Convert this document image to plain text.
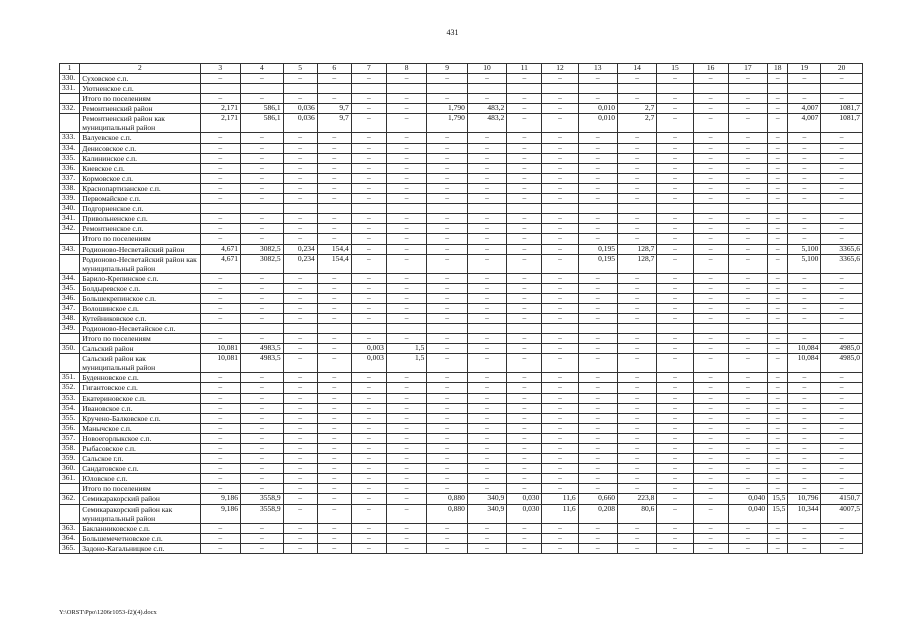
431
1	2	3	4	5	6	7	8	9	10	11	12	13	14	15	16	17	18	19	20
330.	Суховское с.п.	–	–	–	–	–	–	–	–	–	–	–	–	–	–	–	–	–	–
331.	Уютненское с.п.																		
	Итого по поселениям	–	–	–	–	–	–	–	–	–	–	–	–	–	–	–	–	–	–
332.	Ремонтненский район	2,171	586,1	0,036	9,7	–	–	1,790	483,2	–	–	0,010	2,7	–	–	–	–	4,007	1081,7
	Ремонтненский район как муниципальный район	2,171	586,1	0,036	9,7	–	–	1,790	483,2	–	–	0,010	2,7	–	–	–	–	4,007	1081,7
333.	Валуевское с.п.	–	–	–	–	–	–	–	–	–	–	–	–	–	–	–	–	–	–
334.	Денисовское с.п.	–	–	–	–	–	–	–	–	–	–	–	–	–	–	–	–	–	–
335.	Калининское с.п.	–	–	–	–	–	–	–	–	–	–	–	–	–	–	–	–	–	–
336.	Киевское с.п.	–	–	–	–	–	–	–	–	–	–	–	–	–	–	–	–	–	–
337.	Кормовское с.п.	–	–	–	–	–	–	–	–	–	–	–	–	–	–	–	–	–	–
338.	Краснопартизанское с.п.	–	–	–	–	–	–	–	–	–	–	–	–	–	–	–	–	–	–
339.	Первомайское с.п.	–	–	–	–	–	–	–	–	–	–	–	–	–	–	–	–	–	–
340.	Подгорненское с.п.																		
341.	Привольненское с.п.	–	–	–	–	–	–	–	–	–	–	–	–	–	–	–	–	–	–
342.	Ремонтненское с.п.	–	–	–	–	–	–	–	–	–	–	–	–	–	–	–	–	–	–
	Итого по поселениям	–	–	–	–	–	–	–	–	–	–	–	–	–	–	–	–	–	–
343.	Родионово-Несветайский район	4,671	3082,5	0,234	154,4	–	–	–	–	–	–	0,195	128,7	–	–	–	–	5,100	3365,6
	Родионово-Несветайский район как муниципальный район	4,671	3082,5	0,234	154,4	–	–	–	–	–	–	0,195	128,7	–	–	–	–	5,100	3365,6
344.	Барило-Крепинское с.п.	–	–	–	–	–	–	–	–	–	–	–	–	–	–	–	–	–	–
345.	Болдыревское с.п.	–	–	–	–	–	–	–	–	–	–	–	–	–	–	–	–	–	–
346.	Большекрепинское с.п.	–	–	–	–	–	–	–	–	–	–	–	–	–	–	–	–	–	–
347.	Волошинское с.п.	–	–	–	–	–	–	–	–	–	–	–	–	–	–	–	–	–	–
348.	Кутейниковское с.п.	–	–	–	–	–	–	–	–	–	–	–	–	–	–	–	–	–	–
349.	Родионово-Несветайское с.п.																		
	Итого по поселениям	–	–	–	–	–	–	–	–	–	–	–	–	–	–	–	–	–	–
350.	Сальский район	10,081	4983,5	–	–	0,003	1,5	–	–	–	–	–	–	–	–	–	–	10,084	4985,0
	Сальский район как муниципальный район	10,081	4983,5	–	–	0,003	1,5	–	–	–	–	–	–	–	–	–	–	10,084	4985,0
351.	Буденновское с.п.	–	–	–	–	–	–	–	–	–	–	–	–	–	–	–	–	–	–
352.	Гигантовское с.п.	–	–	–	–	–	–	–	–	–	–	–	–	–	–	–	–	–	–
353.	Екатериновское с.п.	–	–	–	–	–	–	–	–	–	–	–	–	–	–	–	–	–	–
354.	Ивановское с.п.	–	–	–	–	–	–	–	–	–	–	–	–	–	–	–	–	–	–
355.	Кручено-Балковское с.п.	–	–	–	–	–	–	–	–	–	–	–	–	–	–	–	–	–	–
356.	Манычское с.п.	–	–	–	–	–	–	–	–	–	–	–	–	–	–	–	–	–	–
357.	Новоегорлыкское с.п.	–	–	–	–	–	–	–	–	–	–	–	–	–	–	–	–	–	–
358.	Рыбасовское с.п.	–	–	–	–	–	–	–	–	–	–	–	–	–	–	–	–	–	–
359.	Сальское г.п.	–	–	–	–	–	–	–	–	–	–	–	–	–	–	–	–	–	–
360.	Сандатовское с.п.	–	–	–	–	–	–	–	–	–	–	–	–	–	–	–	–	–	–
361.	Юловское с.п.	–	–	–	–	–	–	–	–	–	–	–	–	–	–	–	–	–	–
	Итого по поселениям	–	–	–	–	–	–	–	–	–	–	–	–	–	–	–	–	–	–
362.	Семикаракорский район	9,186	3558,9	–	–	–	–	0,880	340,9	0,030	11,6	0,660	223,8	–	–	0,040	15,5	10,796	4150,7
	Семикаракорский район как муниципальный район	9,186	3558,9	–	–	–	–	0,880	340,9	0,030	11,6	0,208	80,6	–	–	0,040	15,5	10,344	4007,5
363.	Бакланниковское с.п.	–	–	–	–	–	–	–	–	–	–	–	–	–	–	–	–	–	–
364.	Большемечетновское с.п.	–	–	–	–	–	–	–	–	–	–	–	–	–	–	–	–	–	–
365.	Задоно-Кагальницкое с.п.	–	–	–	–	–	–	–	–	–	–	–	–	–	–	–	–	–	–
Y:\ORST\Ppo\1206r1053-f2)(4).docx
